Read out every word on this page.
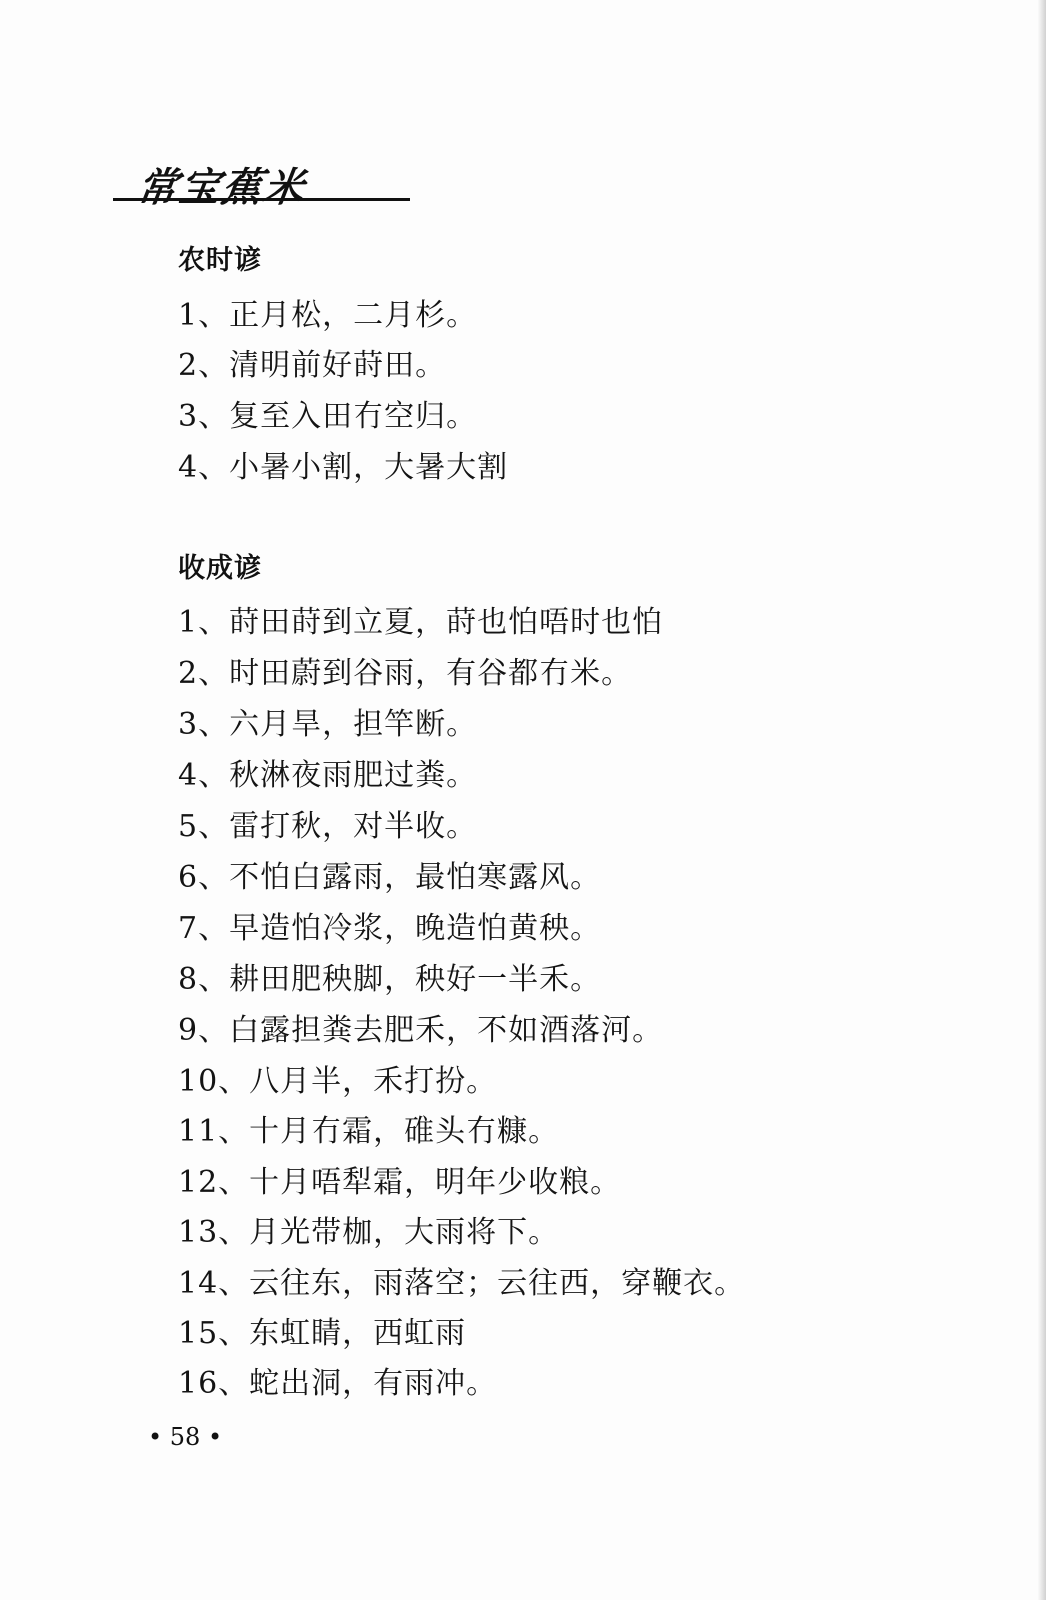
常宝蕉米
农时谚
1、正月松，二月杉。
2、清明前好莳田。
3、复至入田冇空归。
4、小暑小割，大暑大割
收成谚
1、莳田莳到立夏，莳也怕唔时也怕
2、时田蔚到谷雨，有谷都冇米。
3、六月旱，担竿断。
4、秋淋夜雨肥过粪。
5、雷打秋，对半收。
6、不怕白露雨，最怕寒露风。
7、早造怕冷浆，晚造怕黄秧。
8、耕田肥秧脚，秧好一半禾。
9、白露担粪去肥禾，不如酒落河。
10、八月半，禾打扮。
11、十月冇霜，碓头冇糠。
12、十月唔犁霜，明年少收粮。
13、月光带枷，大雨将下。
14、云往东，雨落空；云往西，穿鞭衣。
15、东虹睛，西虹雨
16、蛇出洞，有雨冲。
• 58 •
